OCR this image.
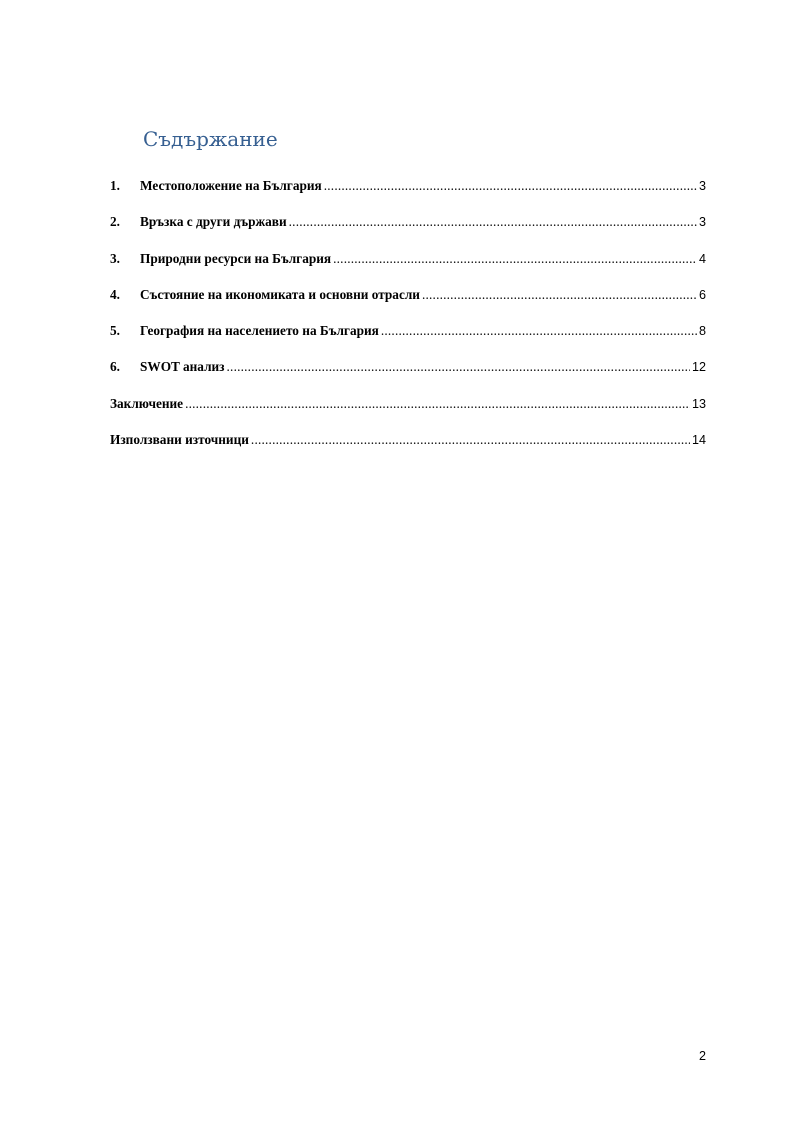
Съдържание
1.	Местоположение на България .....	3
2.	Връзка с други държави .....	3
3.	Природни ресурси на България .....	4
4.	Състояние на икономиката и основни отрасли .....	6
5.	География на населението на България .....	8
6.	SWOT анализ .....	12
Заключение .....	13
Използвани източници .....	14
2
